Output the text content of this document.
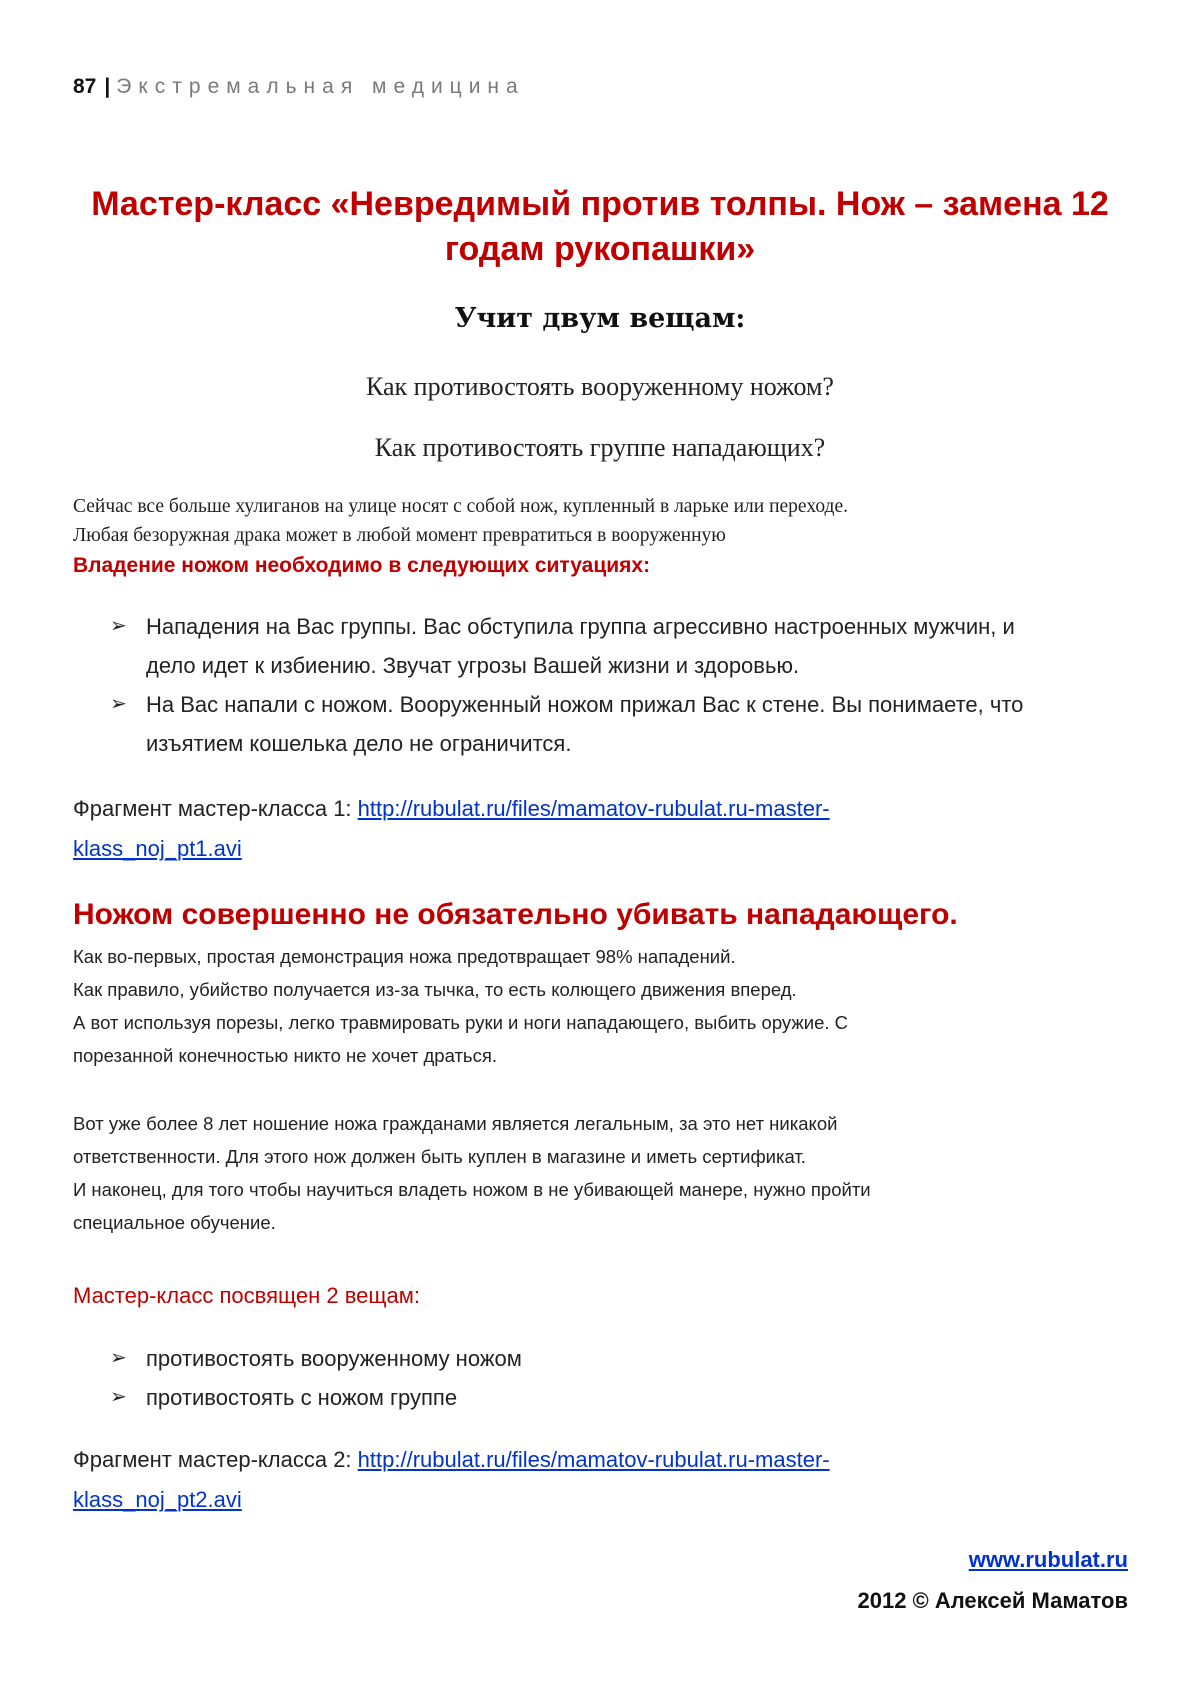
87 | Экстремальная медицина
Мастер-класс «Невредимый против толпы. Нож – замена 12 годам рукопашки»
Учит двум вещам:
Как противостоять вооруженному ножом?
Как противостоять группе нападающих?
Сейчас все больше хулиганов на улице носят с собой нож, купленный в ларьке или переходе.
Любая безоружная драка может в любой момент превратиться в вооруженную
Владение ножом необходимо в следующих ситуациях:
➢ Нападения на Вас группы. Вас обступила группа агрессивно настроенных мужчин, и дело идет к избиению. Звучат угрозы Вашей жизни и здоровью.
➢ На Вас напали с ножом. Вооруженный ножом прижал Вас к стене. Вы понимаете, что изъятием кошелька дело не ограничится.
Фрагмент мастер-класса 1: http://rubulat.ru/files/mamatov-rubulat.ru-master-
klass_noj_pt1.avi
Ножом совершенно не обязательно убивать нападающего.
Как во-первых, простая демонстрация ножа предотвращает 98% нападений.
Как правило, убийство получается из-за тычка, то есть колющего движения вперед.
А вот используя порезы, легко травмировать руки и ноги нападающего, выбить оружие. С
порезанной конечностью никто не хочет драться.
Вот уже более 8 лет ношение ножа гражданами является легальным, за это нет никакой
ответственности. Для этого нож должен быть куплен в магазине и иметь сертификат.
И наконец, для того чтобы научиться владеть ножом в не убивающей манере, нужно пройти
специальное обучение.
Мастер-класс посвящен 2 вещам:
➢ противостоять вооруженному ножом
➢ противостоять с ножом группе
Фрагмент мастер-класса 2: http://rubulat.ru/files/mamatov-rubulat.ru-master-
klass_noj_pt2.avi
www.rubulat.ru
2012 © Алексей Маматов
